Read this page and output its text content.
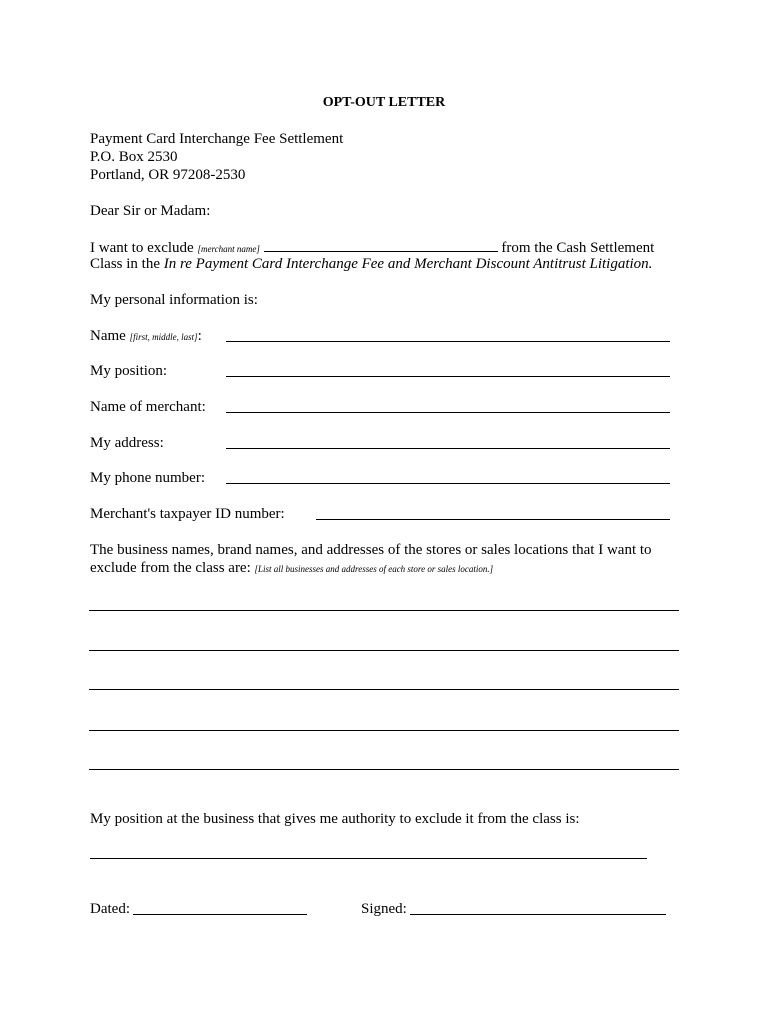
OPT-OUT LETTER
Payment Card Interchange Fee Settlement
P.O. Box 2530
Portland, OR 97208-2530
Dear Sir or Madam:
I want to exclude [merchant name]	from the Cash Settlement
Class in the In re Payment Card Interchange Fee and Merchant Discount Antitrust Litigation.
My personal information is:
Name [first, middle, last]:
My position:
Name of merchant:
My address:
My phone number:
Merchant's taxpayer ID number:
The business names, brand names, and addresses of the stores or sales locations that I want to
exclude from the class are: [List all businesses and addresses of each store or sales location.]
My position at the business that gives me authority to exclude it from the class is:
Dated:	Signed:
